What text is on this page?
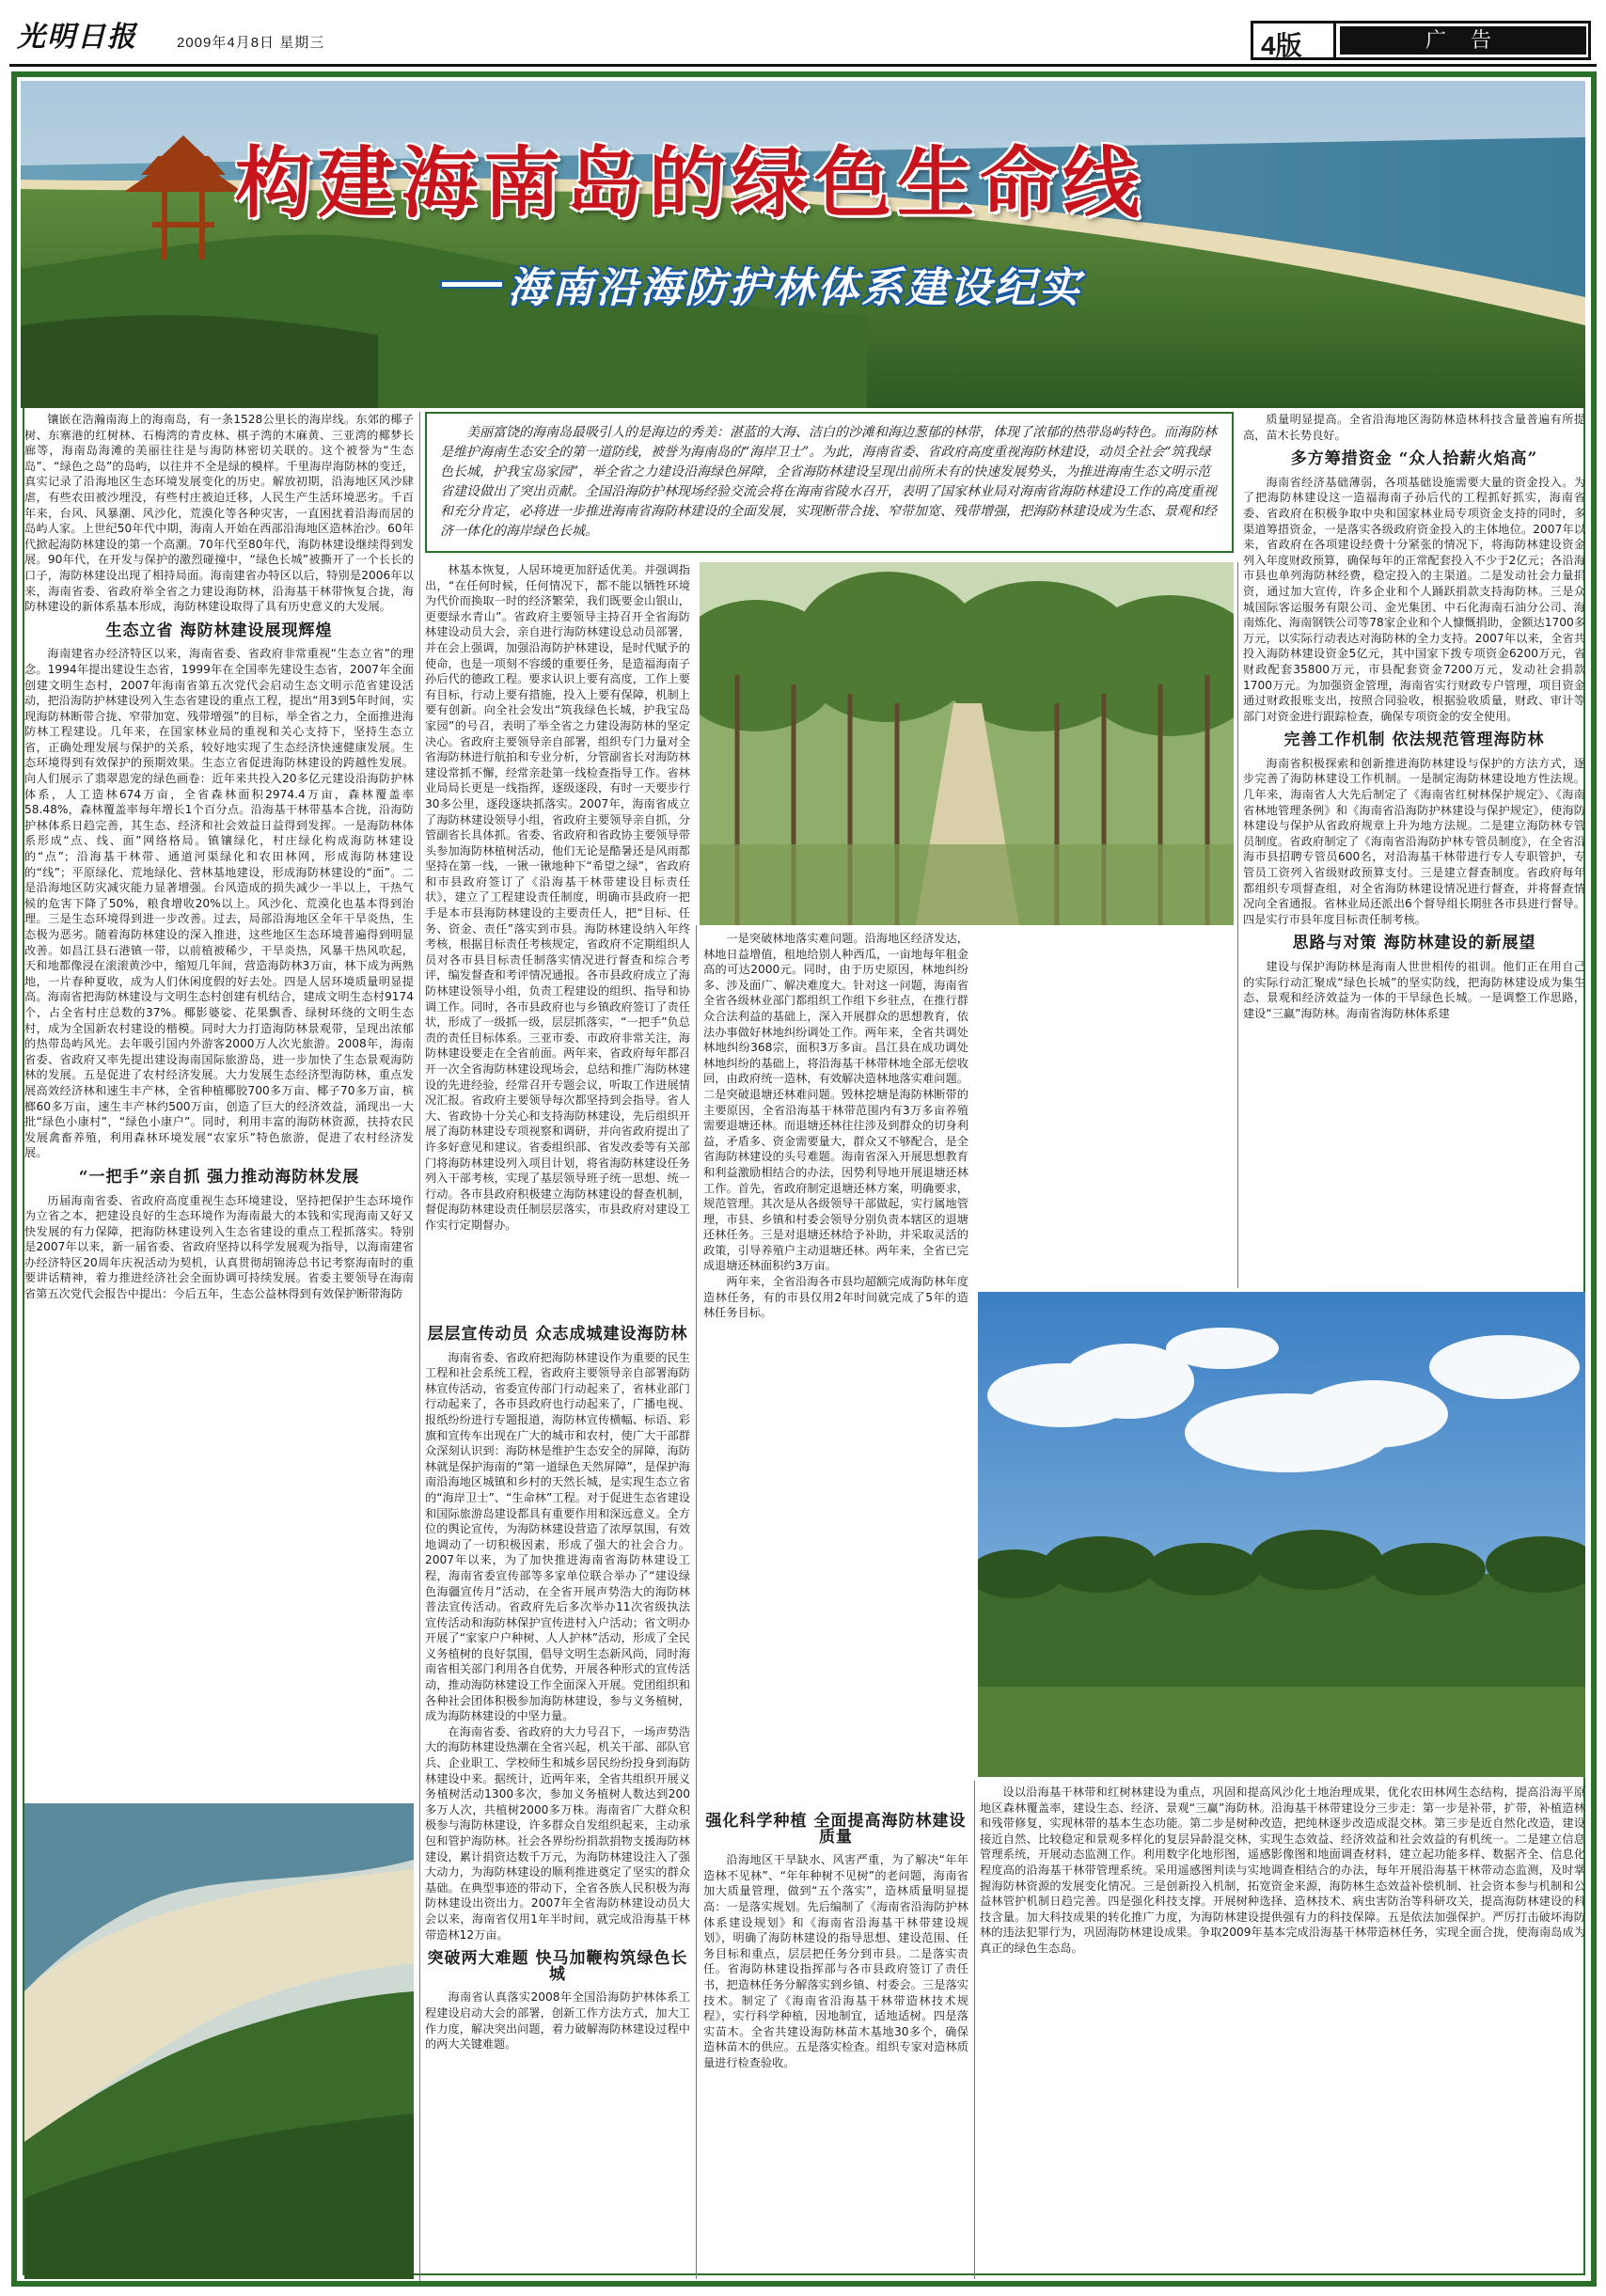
光明日报	2009年4月8日 星期三	4版	广 告
构建海南岛的绿色生命线
海南沿海防护林体系建设纪实
美丽富饶的海南岛最吸引人的是海边的秀美：湛蓝的大海、洁白的沙滩和海边葱郁的林带，体现了浓郁的热带岛屿特色。而海防林是维护海南生态安全的第一道防线，被誉为海南岛的“海岸卫士”。为此，海南省委、省政府高度重视海防林建设，动员全社会“筑我绿色长城，护我宝岛家园”，举全省之力建设沿海绿色屏障，全省海防林建设呈现出前所未有的快速发展势头，为推进海南生态文明示范省建设做出了突出贡献。全国沿海防护林现场经验交流会将在海南省陵水召开，表明了国家林业局对海南省海防林建设工作的高度重视和充分肯定，必将进一步推进海南省海防林建设的全面发展，实现断带合拢、窄带加宽、残带增强，把海防林建设成为生态、景观和经济一体化的海岸绿色长城。

镶嵌在浩瀚南海上的海南岛，有一条1528公里长的海岸线。东郊的椰子树、东寨港的红树林、石梅湾的青皮林、棋子湾的木麻黄、三亚湾的椰梦长廊等，海南岛海滩的美丽往往是与海防林密切关联的。这个被誉为“生态岛”、“绿色之岛”的岛屿，以往并不全是绿的模样。千里海岸海防林的变迁，真实记录了沿海地区生态环境发展变化的历史。解放初期，沿海地区风沙肆虐，有些农田被沙埋没，有些村庄被迫迁移，人民生产生活环境恶劣。千百年来，台风、风暴潮、风沙化，荒漠化等各种灾害，一直困扰着沿海而居的岛屿人家。上世纪50年代中期，海南人开始在西部沿海地区造林治沙。60年代掀起海防林建设的第一个高潮。70年代至80年代，海防林建设继续得到发展。90年代，在开发与保护的激烈碰撞中，“绿色长城”被撕开了一个长长的口子，海防林建设出现了相持局面。海南建省办特区以后，特别是2006年以来，海南省委、省政府举全省之力建设海防林，沿海基干林带恢复合拢，海防林建设的新体系基本形成，海防林建设取得了具有历史意义的大发展。

生态立省 海防林建设展现辉煌

海南建省办经济特区以来，海南省委、省政府非常重视“生态立省”的理念。1994年提出建设生态省，1999年在全国率先建设生态省，2007年全面创建文明生态村，2007年海南省第五次党代会启动生态文明示范省建设活动，把沿海防护林建设列入生态省建设的重点工程，提出“用3到5年时间，实现海防林断带合拢、窄带加宽、残带增强”的目标，举全省之力，全面推进海防林工程建设。几年来，在国家林业局的重视和关心支持下，坚持生态立省，正确处理发展与保护的关系，较好地实现了生态经济快速健康发展。生态环境得到有效保护的预期效果。生态立省促进海防林建设的跨越性发展。向人们展示了翡翠恩宠的绿色画卷：近年来共投入20多亿元建设沿海防护林体系，人工造林674万亩，全省森林面积2974.4万亩，森林覆盖率58.48%，森林覆盖率每年增长1个百分点。沿海基干林带基本合拢，沿海防护林体系日趋完善，其生态、经济和社会效益日益得到发挥。一是海防林体系形成“点、线、面”网络格局。镇镶绿化，村庄绿化构成海防林建设的“点”；沿海基干林带、通道河渠绿化和农田林网，形成海防林建设的“线”；平原绿化、荒地绿化、营林基地建设，形成海防林建设的“面”。二是沿海地区防灾减灾能力显著增强。台风造成的损失减少一半以上，干热气候的危害下降了50%，粮食增收20%以上。风沙化、荒漠化也基本得到治理。三是生态环境得到进一步改善。过去，局部沿海地区全年干旱炎热，生态极为恶劣。随着海防林建设的深入推进，这些地区生态环境普遍得到明显改善。如昌江县石港镇一带，以前植被稀少，干旱炎热，风暴干热风吹起，天和地都像浸在滚滚黄沙中，缩短几年间，营造海防林3万亩，林下成为两熟地，一片春种夏收，成为人们休闲度假的好去处。四是人居环境质量明显提高。海南省把海防林建设与文明生态村创建有机结合，建成文明生态村9174个，占全省村庄总数的37%。椰影婆娑、花果飘香、绿树环绕的文明生态村，成为全国新农村建设的楷模。同时大力打造海防林景观带，呈现出浓郁的热带岛屿风光。去年吸引国内外游客2000万人次光旅游。2008年，海南省委、省政府又率先提出建设海南国际旅游岛，进一步加快了生态景观海防林的发展。五是促进了农村经济发展。大力发展生态经济型海防林，重点发展高效经济林和速生丰产林，全省种植椰胶700多万亩、椰子70多万亩，槟榔60多万亩，速生丰产林约500万亩，创造了巨大的经济效益，涌现出一大批“绿色小康村”，“绿色小康户”。同时，利用丰富的海防林资源，扶持农民发展禽畜养殖，利用森林环境发展“农家乐”特色旅游，促进了农村经济发展。

“一把手”亲自抓 强力推动海防林发展

历届海南省委、省政府高度重视生态环境建设，坚持把保护生态环境作为立省之本，把建设良好的生态环境作为海南最大的本钱和实现海南又好又快发展的有力保障，把海防林建设列入生态省建设的重点工程抓落实。特别是2007年以来，新一届省委、省政府坚持以科学发展观为指导，以海南建省办经济特区20周年庆祝活动为契机，认真贯彻胡锦涛总书记考察海南时的重要讲话精神，着力推进经济社会全面协调可持续发展。省委主要领导在海南省第五次党代会报告中提出：今后五年，生态公益林得到有效保护断带海防

林基本恢复，人居环境更加舒适优美。并强调指出，“在任何时候，任何情况下，都不能以牺牲环境为代价而换取一时的经济繁荣，我们既要金山银山，更要绿水青山”。省政府主要领导主持召开全省海防林建设动员大会，亲自进行海防林建设总动员部署，并在会上强调，加强沿海防护林建设，是时代赋予的使命，也是一项刻不容缓的重要任务，是造福海南子孙后代的德政工程。要求认识上要有高度，工作上要有目标，行动上要有措施，投入上要有保障，机制上要有创新。向全社会发出“筑我绿色长城，护我宝岛家园”的号召，表明了举全省之力建设海防林的坚定决心。省政府主要领导亲自部署，组织专门力量对全省海防林进行航拍和专业分析，分管副省长对海防林建设常抓不懈，经常亲赴第一线检查指导工作。省林业局局长更是一线指挥，逐级逐段，有时一天要步行30多公里，逐段逐块抓落实。2007年，海南省成立了海防林建设领导小组，省政府主要领导亲自抓，分管副省长具体抓。省委、省政府和省政协主要领导带头参加海防林植树活动，他们无论是酷暑还是风雨都坚持在第一线，一锹一锹地种下“希望之绿”，省政府和市县政府签订了《沿海基干林带建设目标责任状》，建立了工程建设责任制度，明确市县政府一把手是本市县海防林建设的主要责任人，把“目标、任务、资金、责任”落实到市县。海防林建设纳入年终考核，根据目标责任考核规定，省政府不定期组织人员对各市县目标责任制落实情况进行督查和综合考评，编发督查和考评情况通报。各市县政府成立了海防林建设领导小组，负责工程建设的组织、指导和协调工作。同时，各市县政府也与乡镇政府签订了责任状，形成了一级抓一级，层层抓落实，“一把手”负总责的责任目标体系。三亚市委、市政府非常关注，海防林建设要走在全省前面。两年来，省政府每年都召开一次全省海防林建设现场会，总结和推广海防林建设的先进经验，经常召开专题会议，听取工作进展情况汇报。省政府主要领导每次都坚持到会指导。省人大、省政协十分关心和支持海防林建设，先后组织开展了海防林建设专项视察和调研，并向省政府提出了许多好意见和建议。省委组织部、省发改委等有关部门将海防林建设列入项目计划，将省海防林建设任务列入干部考核，实现了基层领导班子统一思想、统一行动。各市县政府积极建立海防林建设的督查机制，督促海防林建设责任制层层落实，市县政府对建设工作实行定期督办。

层层宣传动员 众志成城建设海防林

海南省委、省政府把海防林建设作为重要的民生工程和社会系统工程，省政府主要领导亲自部署海防林宣传活动，省委宣传部门行动起来了，省林业部门行动起来了，各市县政府也行动起来了，广播电视、报纸纷纷进行专题报道，海防林宣传横幅、标语、彩旗和宣传车出现在广大的城市和农村，使广大干部群众深刻认识到：海防林是维护生态安全的屏障，海防林就是保护海南的“第一道绿色天然屏障”，是保护海南沿海地区城镇和乡村的天然长城，是实现生态立省的“海岸卫士”、“生命林”工程。对于促进生态省建设和国际旅游岛建设都具有重要作用和深远意义。全方位的舆论宣传，为海防林建设营造了浓厚氛围，有效地调动了一切积极因素，形成了强大的社会合力。2007年以来，为了加快推进海南省海防林建设工程，海南省委宣传部等多家单位联合举办了“建设绿色海疆宣传月”活动，在全省开展声势浩大的海防林普法宣传活动。省政府先后多次举办11次省级执法宣传活动和海防林保护宣传进村入户活动；省文明办开展了“家家户户种树、人人护林”活动，形成了全民义务植树的良好氛围，倡导文明生态新风尚，同时海南省相关部门利用各自优势，开展各种形式的宣传活动，推动海防林建设工作全面深入开展。党团组织和各种社会团体积极参加海防林建设，参与义务植树，成为海防林建设的中坚力量。

在海南省委、省政府的大力号召下，一场声势浩大的海防林建设热潮在全省兴起，机关干部、部队官兵、企业职工、学校师生和城乡居民纷纷投身到海防林建设中来。据统计，近两年来，全省共组织开展义务植树活动1300多次，参加义务植树人数达到200多万人次，共植树2000多万株。海南省广大群众积极参与海防林建设，许多群众自发组织起来，主动承包和管护海防林。社会各界纷纷捐款捐物支援海防林建设，累计捐资达数千万元，为海防林建设注入了强大动力，为海防林建设的顺利推进奠定了坚实的群众基础。在典型事迹的带动下，全省各族人民积极为海防林建设出资出力。2007年全省海防林建设动员大会以来，海南省仅用1年半时间，就完成沿海基干林带造林12万亩。

突破两大难题 快马加鞭构筑绿色长城

海南省认真落实2008年全国沿海防护林体系工程建设启动大会的部署，创新工作方法方式，加大工作力度，解决突出问题，着力破解海防林建设过程中的两大关键难题。

一是突破林地落实难问题。沿海地区经济发达，林地日益增值，租地给别人种西瓜，一亩地每年租金高的可达2000元。同时，由于历史原因，林地纠纷多、涉及面广、解决难度大。针对这一问题，海南省全省各级林业部门都组织工作组下乡驻点，在推行群众合法利益的基础上，深入开展群众的思想教育，依法办事做好林地纠纷调处工作。两年来，全省共调处林地纠纷368宗，面积3万多亩。昌江县在成功调处林地纠纷的基础上，将沿海基干林带林地全部无偿收回，由政府统一造林，有效解决造林地落实难问题。二是突破退塘还林难问题。毁林挖塘是海防林断带的主要原因，全省沿海基干林带范围内有3万多亩养殖需要退塘还林。而退塘还林往往涉及到群众的切身利益，矛盾多、资金需要量大，群众又不够配合，是全省海防林建设的头号难题。海南省深入开展思想教育和利益激励相结合的办法，因势利导地开展退塘还林工作。首先，省政府制定退塘还林方案，明确要求，规范管理。其次是从各级领导干部做起，实行属地管理，市县、乡镇和村委会领导分别负责本辖区的退塘还林任务。三是对退塘还林给予补助，并采取灵活的政策，引导养殖户主动退塘还林。两年来，全省已完成退塘还林面积约3万亩。

两年来，全省沿海各市县均超额完成海防林年度造林任务，有的市县仅用2年时间就完成了5年的造林任务目标。

强化科学种植 全面提高海防林建设质量

沿海地区干旱缺水、风害严重，为了解决“年年造林不见林”、“年年种树不见树”的老问题，海南省加大质量管理，做到“五个落实”，造林质量明显提高：一是落实规划。先后编制了《海南省沿海防护林体系建设规划》和《海南省沿海基干林带建设规划》，明确了海防林建设的指导思想、建设范围、任务目标和重点，层层把任务分到市县。二是落实责任。省海防林建设指挥部与各市县政府签订了责任书，把造林任务分解落实到乡镇、村委会。三是落实技术。制定了《海南省沿海基干林带造林技术规程》，实行科学种植，因地制宜，适地适树。四是落实苗木。全省共建设海防林苗木基地30多个，确保造林苗木的供应。五是落实检查。组织专家对造林质量进行检查验收。

质量明显提高。全省沿海地区海防林造林科技含量普遍有所提高，苗木长势良好。

多方筹措资金 “众人拾薪火焰高”

海南省经济基础薄弱，各项基础设施需要大量的资金投入。为了把海防林建设这一造福海南子孙后代的工程抓好抓实，海南省委、省政府在积极争取中央和国家林业局专项资金支持的同时，多渠道筹措资金，一是落实各级政府资金投入的主体地位。2007年以来，省政府在各项建设经费十分紧张的情况下，将海防林建设资金列入年度财政预算，确保每年的正常配套投入不少于2亿元；各沿海市县也单列海防林经费，稳定投入的主渠道。二是发动社会力量捐资，通过加大宣传，许多企业和个人踊跃捐款支持海防林。三是众城国际客运服务有限公司、金光集团、中石化海南石油分公司、海南炼化、海南钢铁公司等78家企业和个人慷慨捐助，金额达1700多万元，以实际行动表达对海防林的全力支持。2007年以来，全省共投入海防林建设资金5亿元，其中国家下拨专项资金6200万元，省财政配套35800万元，市县配套资金7200万元，发动社会捐款1700万元。为加强资金管理，海南省实行财政专户管理，项目资金通过财政报账支出，按照合同验收，根据验收质量，财政、审计等部门对资金进行跟踪检查，确保专项资金的安全使用。

完善工作机制 依法规范管理海防林

海南省积极探索和创新推进海防林建设与保护的方法方式，逐步完善了海防林建设工作机制。一是制定海防林建设地方性法规。几年来，海南省人大先后制定了《海南省红树林保护规定》、《海南省林地管理条例》和《海南省沿海防护林建设与保护规定》，使海防林建设与保护从省政府规章上升为地方法规。二是建立海防林专管员制度。省政府制定了《海南省沿海防护林专管员制度》，在全省沿海市县招聘专管员600名，对沿海基干林带进行专人专职管护，专管员工资列入省级财政预算支付。三是建立督查制度。省政府每年都组织专项督查组，对全省海防林建设情况进行督查，并将督查情况向全省通报。省林业局还派出6个督导组长期驻各市县进行督导。四是实行市县年度目标责任制考核。

思路与对策 海防林建设的新展望

建设与保护海防林是海南人世世相传的祖训。他们正在用自己的实际行动汇聚成“绿色长城”的坚实防线，把海防林建设成为集生态、景观和经济效益为一体的干旱绿色长城。一是调整工作思路，建设“三赢”海防林。海南省海防林体系建

设以沿海基干林带和红树林建设为重点，巩固和提高风沙化土地治理成果，优化农田林网生态结构，提高沿海平原地区森林覆盖率，建设生态、经济、景观“三赢”海防林。沿海基干林带建设分三步走：第一步是补带，扩带，补植造林和残带修复，实现林带的基本生态功能。第二步是树种改造，把纯林逐步改造成混交林。第三步是近自然化改造，建设接近自然、比较稳定和景观多样化的复层异龄混交林，实现生态效益、经济效益和社会效益的有机统一。二是建立信息管理系统，开展动态监测工作。利用数字化地形图，遥感影像图和地面调查材料，建立起功能多样、数据齐全、信息化程度高的沿海基干林带管理系统。采用遥感图判读与实地调查相结合的办法，每年开展沿海基干林带动态监测，及时掌握海防林资源的发展变化情况。三是创新投入机制，拓宽资金来源，海防林生态效益补偿机制、社会资本参与机制和公益林管护机制日趋完善。四是强化科技支撑。开展树种选择、造林技术、病虫害防治等科研攻关，提高海防林建设的科技含量。加大科技成果的转化推广力度，为海防林建设提供强有力的科技保障。五是依法加强保护。严厉打击破坏海防林的违法犯罪行为，巩固海防林建设成果。争取2009年基本完成沿海基干林带造林任务，实现全面合拢，使海南岛成为真正的绿色生态岛。
